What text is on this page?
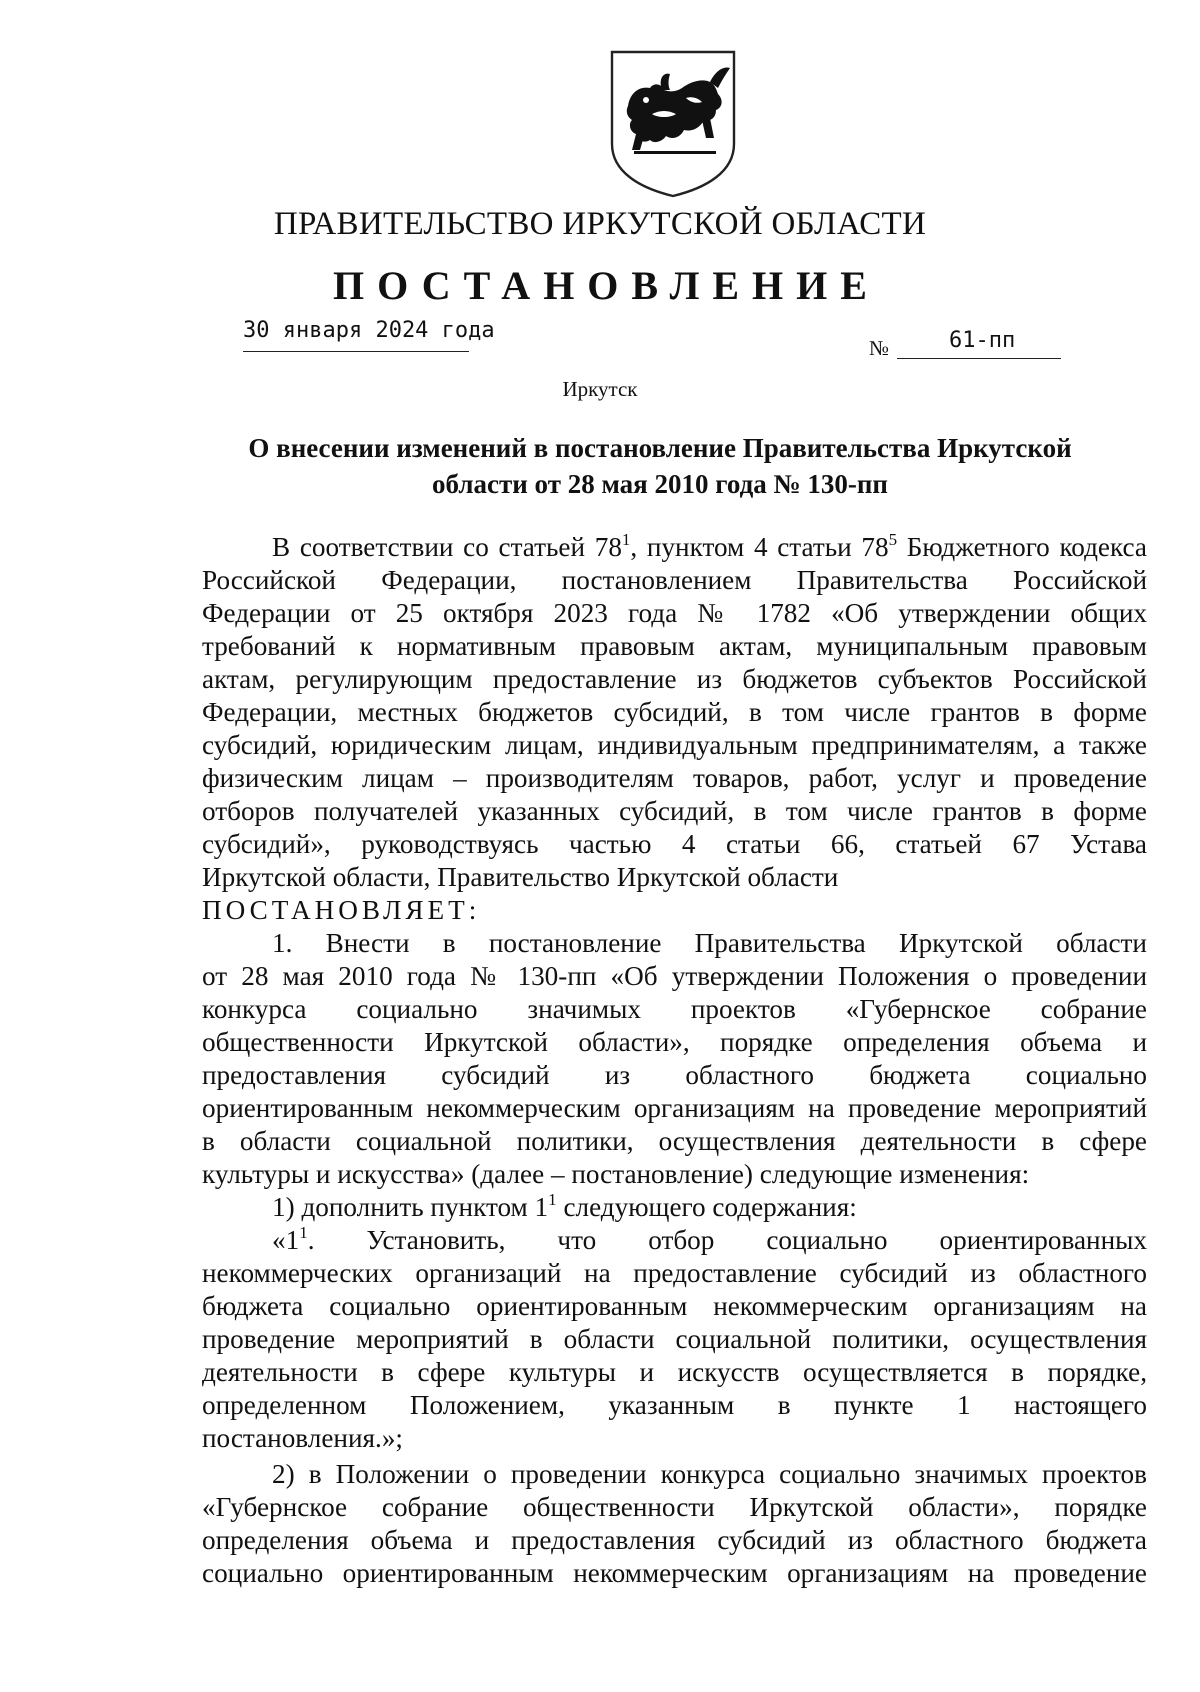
ПРАВИТЕЛЬСТВО ИРКУТСКОЙ ОБЛАСТИ
ПОСТАНОВЛЕНИЕ
30 января 2024 года
№	61-пп
Иркутск
О внесении изменений в постановление Правительства Иркутской
области от 28 мая 2010 года № 130-пп
В соответствии со статьей $78^1$, пунктом 4 статьи $78^5$ Бюджетного кодекса
Российской Федерации, постановлением Правительства Российской
Федерации от 25 октября 2023 года № 1782 «Об утверждении общих
требований к нормативным правовым актам, муниципальным правовым
актам, регулирующим предоставление из бюджетов субъектов Российской
Федерации, местных бюджетов субсидий, в том числе грантов в форме
субсидий, юридическим лицам, индивидуальным предпринимателям, а также
физическим лицам – производителям товаров, работ, услуг и проведение
отборов получателей указанных субсидий, в том числе грантов в форме
субсидий», руководствуясь частью 4 статьи 66, статьей 67 Устава
Иркутской области, Правительство Иркутской области
ПОСТАНОВЛЯЕТ:
1. Внести в постановление Правительства Иркутской области
от 28 мая 2010 года № 130-пп «Об утверждении Положения о проведении
конкурса социально значимых проектов «Губернское собрание
общественности Иркутской области», порядке определения объема и
предоставления субсидий из областного бюджета социально
ориентированным некоммерческим организациям на проведение мероприятий
в области социальной политики, осуществления деятельности в сфере
культуры и искусства» (далее – постановление) следующие изменения:
1) дополнить пунктом $1^1$ следующего содержания:
«$1^1$. Установить, что отбор социально ориентированных
некоммерческих организаций на предоставление субсидий из областного
бюджета социально ориентированным некоммерческим организациям на
проведение мероприятий в области социальной политики, осуществления
деятельности в сфере культуры и искусств осуществляется в порядке,
определенном Положением, указанным в пункте 1 настоящего
постановления.»;
2) в Положении о проведении конкурса социально значимых проектов
«Губернское собрание общественности Иркутской области», порядке
определения объема и предоставления субсидий из областного бюджета
социально ориентированным некоммерческим организациям на проведение
